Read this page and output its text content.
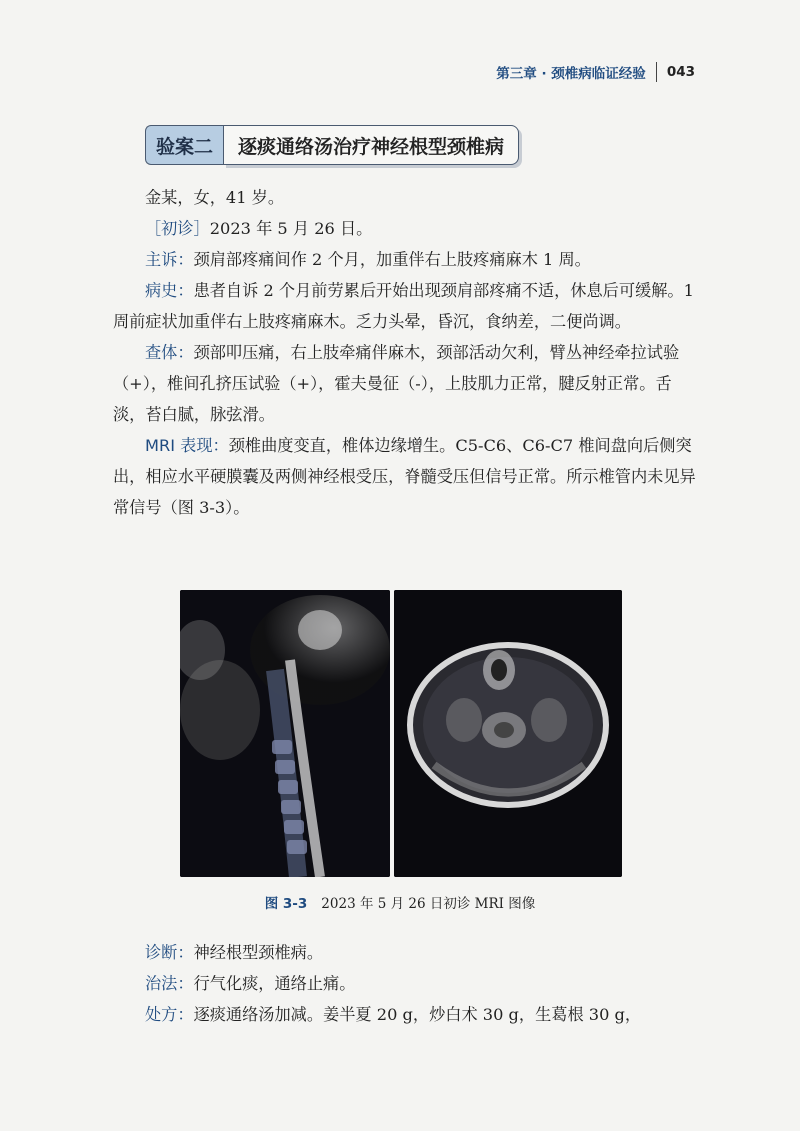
第三章 · 颈椎病临证经验 043
验案二	逐痰通络汤治疗神经根型颈椎病

金某，女，41 岁。

［初诊］2023 年 5 月 26 日。

主诉：颈肩部疼痛间作 2 个月，加重伴右上肢疼痛麻木 1 周。

病史：患者自诉 2 个月前劳累后开始出现颈肩部疼痛不适，休息后可缓解。1 周前症状加重伴右上肢疼痛麻木。乏力头晕，昏沉，食纳差，二便尚调。

查体：颈部叩压痛，右上肢牵痛伴麻木，颈部活动欠利，臂丛神经牵拉试验（+），椎间孔挤压试验（+），霍夫曼征（-），上肢肌力正常，腱反射正常。舌淡，苔白腻，脉弦滑。

MRI 表现：颈椎曲度变直，椎体边缘增生。C5-C6、C6-C7 椎间盘向后侧突出，相应水平硬膜囊及两侧神经根受压，脊髓受压但信号正常。所示椎管内未见异常信号（图 3-3）。

图 3-3 2023 年 5 月 26 日初诊 MRI 图像

诊断：神经根型颈椎病。

治法：行气化痰，通络止痛。

处方：逐痰通络汤加减。姜半夏 20 g，炒白术 30 g，生葛根 30 g，
